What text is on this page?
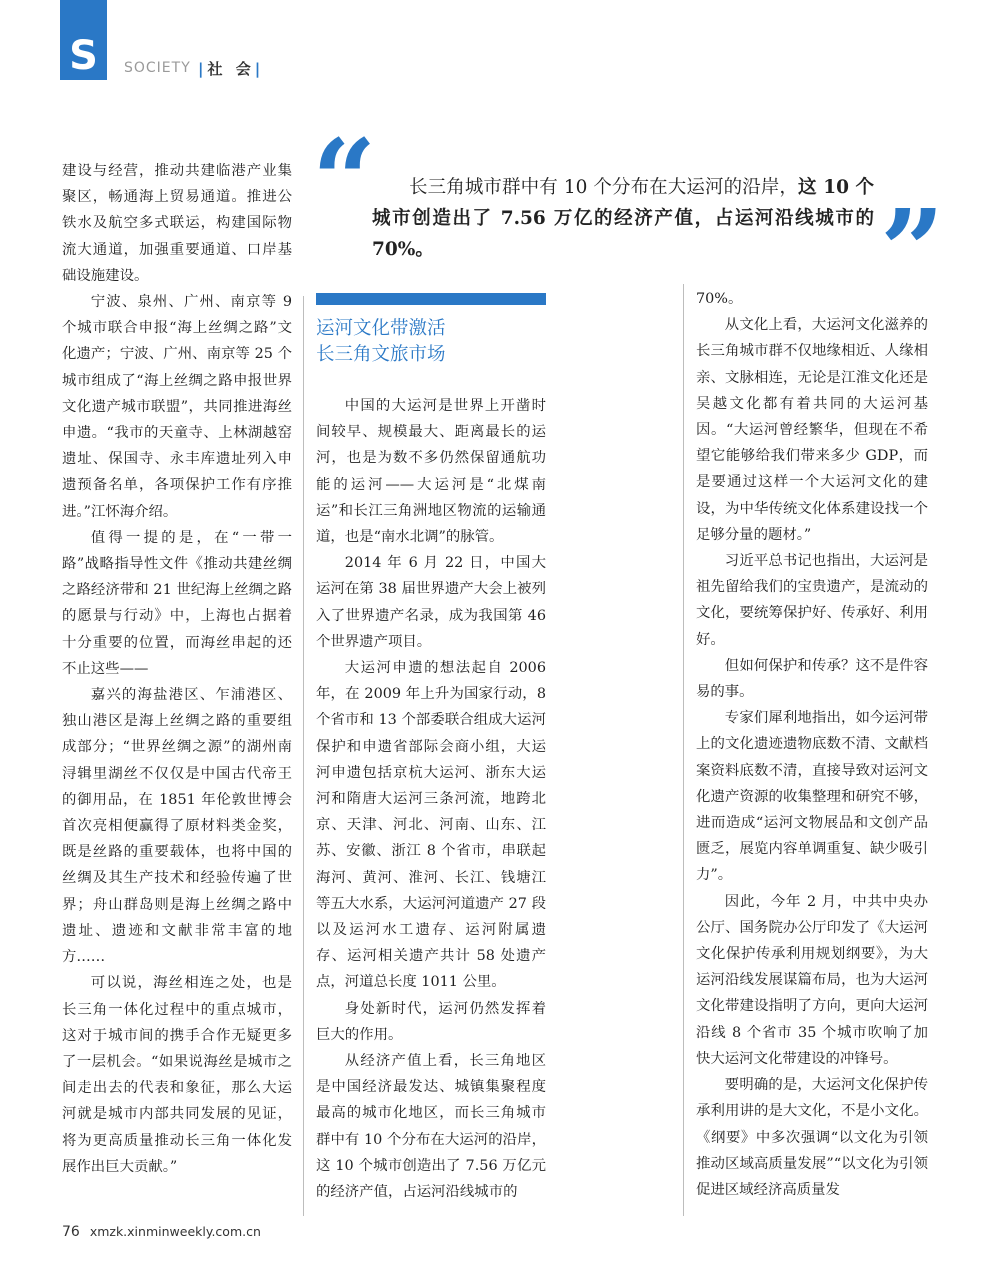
S	SOCIETY |社 会|

建设与经营，推动共建临港产业集聚区，畅通海上贸易通道。推进公铁水及航空多式联运，构建国际物流大通道，加强重要通道、口岸基础设施建设。

宁波、泉州、广州、南京等 9 个城市联合申报“海上丝绸之路”文化遗产；宁波、广州、南京等 25 个城市组成了“海上丝绸之路申报世界文化遗产城市联盟”，共同推进海丝申遗。“我市的天童寺、上林湖越窑遗址、保国寺、永丰库遗址列入申遗预备名单，各项保护工作有序推进。”江怀海介绍。

值得一提的是，在“一带一路”战略指导性文件《推动共建丝绸之路经济带和 21 世纪海上丝绸之路的愿景与行动》中，上海也占据着十分重要的位置，而海丝串起的还不止这些——

嘉兴的海盐港区、乍浦港区、独山港区是海上丝绸之路的重要组成部分；“世界丝绸之源”的湖州南浔辑里湖丝不仅仅是中国古代帝王的御用品，在 1851 年伦敦世博会首次亮相便赢得了原材料类金奖，既是丝路的重要载体，也将中国的丝绸及其生产技术和经验传遍了世界；舟山群岛则是海上丝绸之路中遗址、遗迹和文献非常丰富的地方……

可以说，海丝相连之处，也是长三角一体化过程中的重点城市，这对于城市间的携手合作无疑更多了一层机会。“如果说海丝是城市之间走出去的代表和象征，那么大运河就是城市内部共同发展的见证，将为更高质量推动长三角一体化发展作出巨大贡献。”

“	长三角城市群中有 10 个分布在大运河的沿岸，这 10 个城市创造出了 7.56 万亿的经济产值，占运河沿线城市的 70%。	”
运河文化带激活
长三角文旅市场

中国的大运河是世界上开凿时间较早、规模最大、距离最长的运河，也是为数不多仍然保留通航功能的运河——大运河是“北煤南运”和长江三角洲地区物流的运输通道，也是“南水北调”的脉管。

2014 年 6 月 22 日，中国大运河在第 38 届世界遗产大会上被列入了世界遗产名录，成为我国第 46 个世界遗产项目。

大运河申遗的想法起自 2006 年，在 2009 年上升为国家行动，8 个省市和 13 个部委联合组成大运河保护和申遗省部际会商小组，大运河申遗包括京杭大运河、浙东大运河和隋唐大运河三条河流，地跨北京、天津、河北、河南、山东、江苏、安徽、浙江 8 个省市，串联起海河、黄河、淮河、长江、钱塘江等五大水系，大运河河道遗产 27 段以及运河水工遗存、运河附属遗存、运河相关遗产共计 58 处遗产点，河道总长度 1011 公里。

身处新时代，运河仍然发挥着巨大的作用。

从经济产值上看，长三角地区是中国经济最发达、城镇集聚程度最高的城市化地区，而长三角城市群中有 10 个分布在大运河的沿岸，这 10 个城市创造出了 7.56 万亿元的经济产值，占运河沿线城市的

70%。

从文化上看，大运河文化滋养的长三角城市群不仅地缘相近、人缘相亲、文脉相连，无论是江淮文化还是吴越文化都有着共同的大运河基因。“大运河曾经繁华，但现在不希望它能够给我们带来多少 GDP，而是要通过这样一个大运河文化的建设，为中华传统文化体系建设找一个足够分量的题材。”

习近平总书记也指出，大运河是祖先留给我们的宝贵遗产，是流动的文化，要统筹保护好、传承好、利用好。

但如何保护和传承？这不是件容易的事。

专家们犀利地指出，如今运河带上的文化遗迹遗物底数不清、文献档案资料底数不清，直接导致对运河文化遗产资源的收集整理和研究不够，进而造成“运河文物展品和文创产品匮乏，展览内容单调重复、缺少吸引力”。

因此，今年 2 月，中共中央办公厅、国务院办公厅印发了《大运河文化保护传承利用规划纲要》，为大运河沿线发展谋篇布局，也为大运河文化带建设指明了方向，更向大运河沿线 8 个省市 35 个城市吹响了加快大运河文化带建设的冲锋号。

要明确的是，大运河文化保护传承利用讲的是大文化，不是小文化。《纲要》中多次强调“以文化为引领推动区域高质量发展”“以文化为引领促进区域经济高质量发

76 xmzk.xinminweekly.com.cn
